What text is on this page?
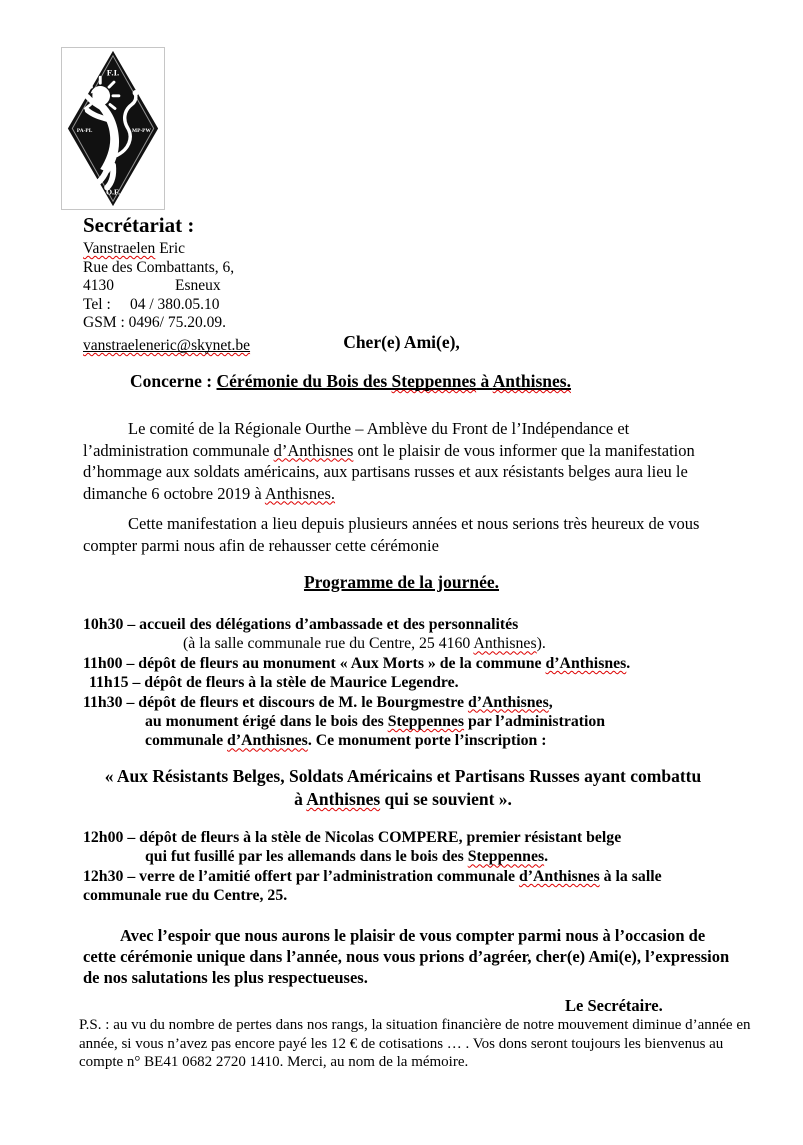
F.I.
PA-PL	MP-PW
O.F.
Secrétariat :
Vanstraelen Eric
Rue des Combattants, 6,
4130	Esneux
Tel : 04 / 380.05.10
GSM : 0496/ 75.20.09.
vanstraeleneric@skynet.be	Cher(e) Ami(e),
Concerne : Cérémonie du Bois des Steppennes à Anthisnes.
Le comité de la Régionale Ourthe – Amblève du Front de l’Indépendance et l’administration communale d’Anthisnes ont le plaisir de vous informer que la manifestation d’hommage aux soldats américains, aux partisans russes et aux résistants belges aura lieu le dimanche 6 octobre 2019 à Anthisnes.
Cette manifestation a lieu depuis plusieurs années et nous serions très heureux de vous compter parmi nous afin de rehausser cette cérémonie
Programme de la journée.
10h30 – accueil des délégations d’ambassade et des personnalités
(à la salle communale rue du Centre, 25 4160 Anthisnes).
11h00 – dépôt de fleurs au monument « Aux Morts » de la commune d’Anthisnes.
11h15 – dépôt de fleurs à la stèle de Maurice Legendre.
11h30 – dépôt de fleurs et discours de M. le Bourgmestre d’Anthisnes,
au monument érigé dans le bois des Steppennes par l’administration
communale d’Anthisnes. Ce monument porte l’inscription :
« Aux Résistants Belges, Soldats Américains et Partisans Russes ayant combattu à Anthisnes qui se souvient ».
12h00 – dépôt de fleurs à la stèle de Nicolas COMPERE, premier résistant belge
qui fut fusillé par les allemands dans le bois des Steppennes.
12h30 – verre de l’amitié offert par l’administration communale d’Anthisnes à la salle
communale rue du Centre, 25.
Avec l’espoir que nous aurons le plaisir de vous compter parmi nous à l’occasion de cette cérémonie unique dans l’année, nous vous prions d’agréer, cher(e) Ami(e), l’expression de nos salutations les plus respectueuses.
Le Secrétaire.
P.S. : au vu du nombre de pertes dans nos rangs, la situation financière de notre mouvement diminue d’année en année, si vous n’avez pas encore payé les 12 € de cotisations … . Vos dons seront toujours les bienvenus au compte n° BE41 0682 2720 1410. Merci, au nom de la mémoire.
